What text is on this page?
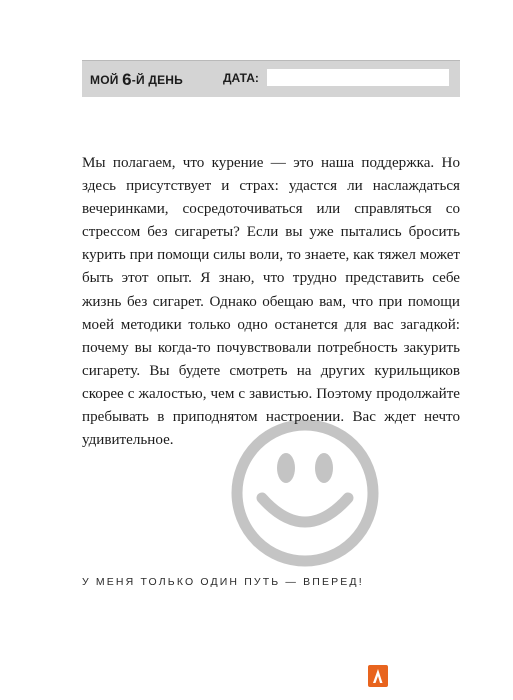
МОЙ 6-Й ДЕНЬ	ДАТА:
Мы полагаем, что курение — это наша поддержка. Но здесь присутствует и страх: удастся ли наслаждаться вечеринками, сосредоточиваться или справляться со стрессом без сигареты? Если вы уже пытались бросить курить при помощи силы воли, то знаете, как тяжел может быть этот опыт. Я знаю, что трудно представить себе жизнь без сигарет. Однако обещаю вам, что при помощи моей методики только одно останется для вас загадкой: почему вы когда-то почувствовали потребность закурить сигарету. Вы будете смотреть на других курильщиков скорее с жалостью, чем с завистью. Поэтому продолжайте пребывать в приподнятом настроении. Вас ждет нечто удивительное.
У МЕНЯ ТОЛЬКО ОДИН ПУТЬ — ВПЕРЕД!
